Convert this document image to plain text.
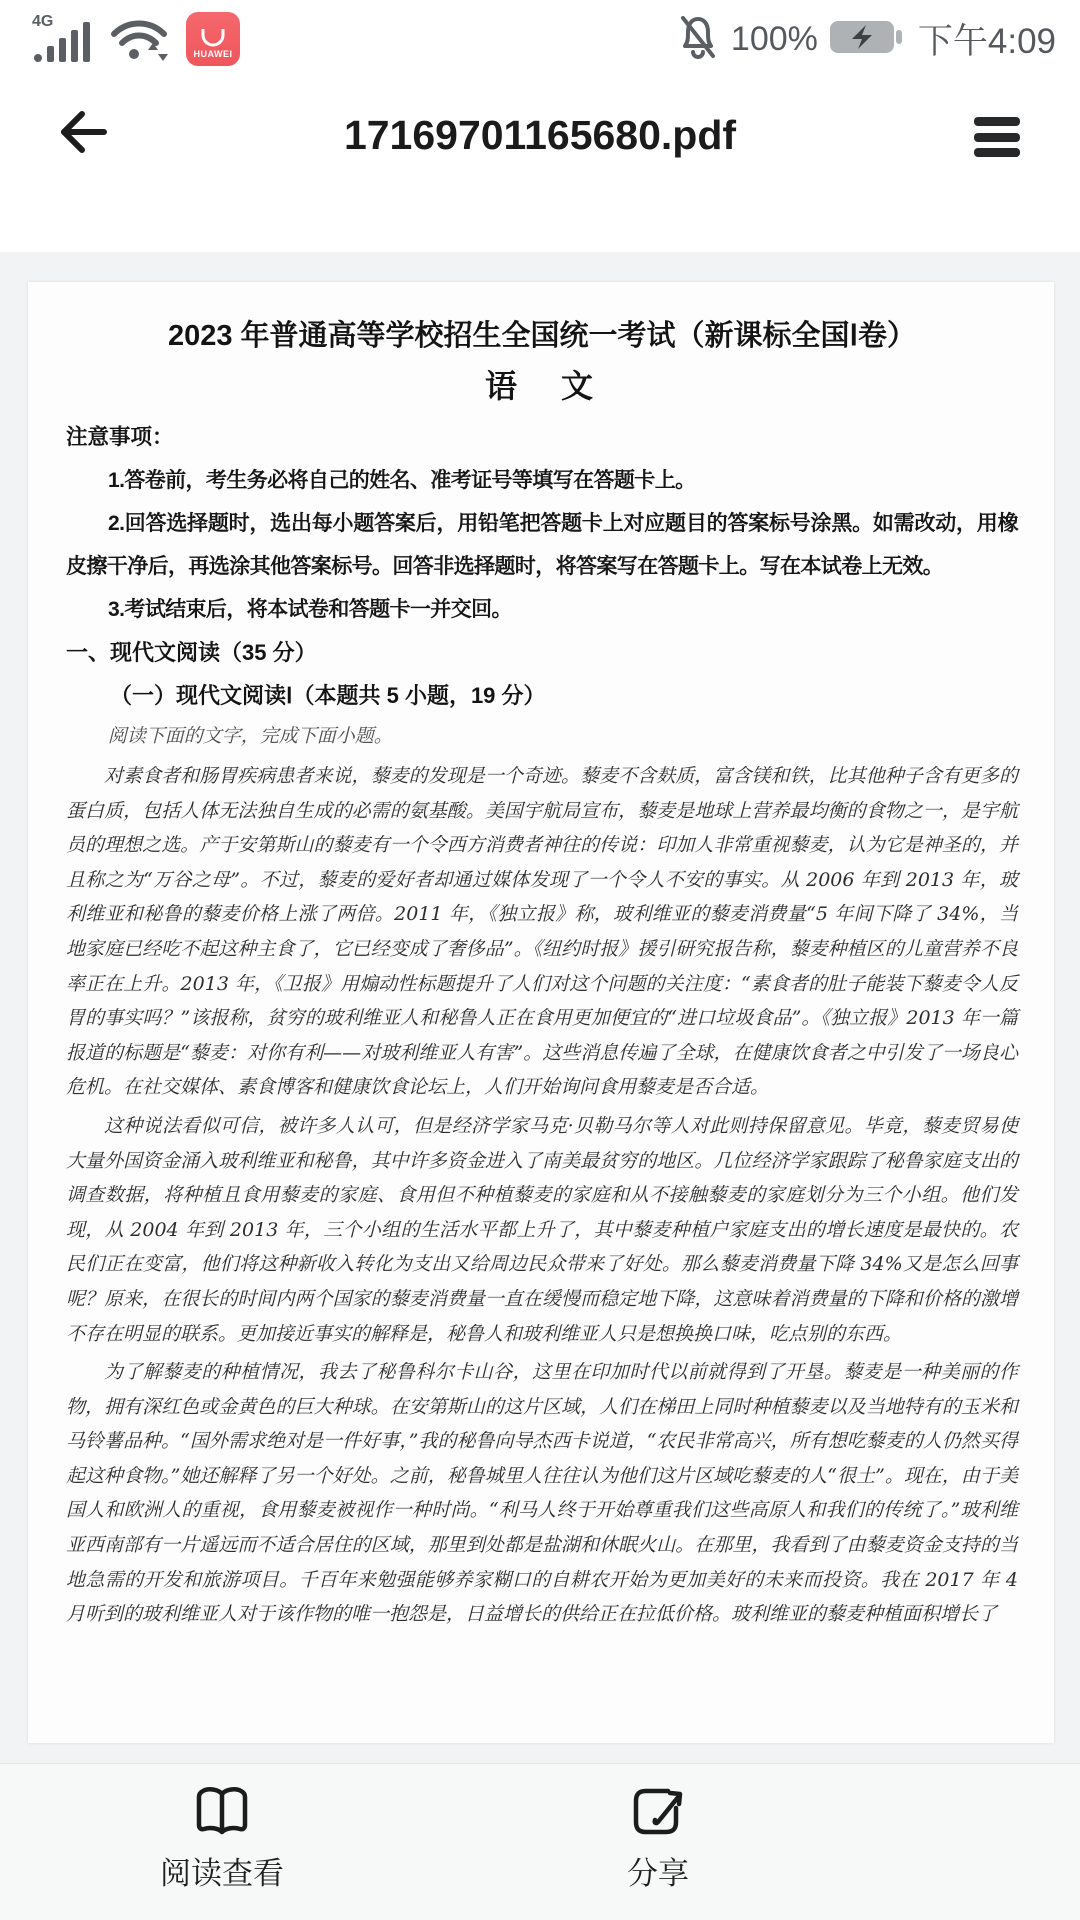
4G
HUAWEI	100%	下午4:09
17169701165680.pdf

2023 年普通高等学校招生全国统一考试（新课标全国Ⅰ卷）

语　文

注意事项：

1.答卷前，考生务必将自己的姓名、准考证号等填写在答题卡上。

2.回答选择题时，选出每小题答案后，用铅笔把答题卡上对应题目的答案标号涂黑。如需改动，用橡皮擦干净后，再选涂其他答案标号。回答非选择题时，将答案写在答题卡上。写在本试卷上无效。

3.考试结束后，将本试卷和答题卡一并交回。

一、现代文阅读（35 分）

（一）现代文阅读Ⅰ（本题共 5 小题，19 分）

阅读下面的文字，完成下面小题。

对素食者和肠胃疾病患者来说，藜麦的发现是一个奇迹。藜麦不含麸质，富含镁和铁，比其他种子含有更多的蛋白质，包括人体无法独自生成的必需的氨基酸。美国宇航局宣布，藜麦是地球上营养最均衡的食物之一，是宇航员的理想之选。产于安第斯山的藜麦有一个令西方消费者神往的传说：印加人非常重视藜麦，认为它是神圣的，并且称之为“万谷之母”。不过，藜麦的爱好者却通过媒体发现了一个令人不安的事实。从 2006 年到 2013 年，玻利维亚和秘鲁的藜麦价格上涨了两倍。2011 年，《独立报》称，玻利维亚的藜麦消费量“5 年间下降了 34%，当地家庭已经吃不起这种主食了，它已经变成了奢侈品”。《纽约时报》援引研究报告称，藜麦种植区的儿童营养不良率正在上升。2013 年，《卫报》用煽动性标题提升了人们对这个问题的关注度：“素食者的肚子能装下藜麦令人反胃的事实吗？”该报称，贫穷的玻利维亚人和秘鲁人正在食用更加便宜的“进口垃圾食品”。《独立报》2013 年一篇报道的标题是“藜麦：对你有利——对玻利维亚人有害”。这些消息传遍了全球，在健康饮食者之中引发了一场良心危机。在社交媒体、素食博客和健康饮食论坛上，人们开始询问食用藜麦是否合适。

这种说法看似可信，被许多人认可，但是经济学家马克·贝勒马尔等人对此则持保留意见。毕竟，藜麦贸易使大量外国资金涌入玻利维亚和秘鲁，其中许多资金进入了南美最贫穷的地区。几位经济学家跟踪了秘鲁家庭支出的调查数据，将种植且食用藜麦的家庭、食用但不种植藜麦的家庭和从不接触藜麦的家庭划分为三个小组。他们发现，从 2004 年到 2013 年，三个小组的生活水平都上升了，其中藜麦种植户家庭支出的增长速度是最快的。农民们正在变富，他们将这种新收入转化为支出又给周边民众带来了好处。那么藜麦消费量下降 34%又是怎么回事呢？原来，在很长的时间内两个国家的藜麦消费量一直在缓慢而稳定地下降，这意味着消费量的下降和价格的激增不存在明显的联系。更加接近事实的解释是，秘鲁人和玻利维亚人只是想换换口味，吃点别的东西。

为了解藜麦的种植情况，我去了秘鲁科尔卡山谷，这里在印加时代以前就得到了开垦。藜麦是一种美丽的作物，拥有深红色或金黄色的巨大种球。在安第斯山的这片区域，人们在梯田上同时种植藜麦以及当地特有的玉米和马铃薯品种。“国外需求绝对是一件好事，”我的秘鲁向导杰西卡说道，“农民非常高兴，所有想吃藜麦的人仍然买得起这种食物。”她还解释了另一个好处。之前，秘鲁城里人往往认为他们这片区域吃藜麦的人“很土”。现在，由于美国人和欧洲人的重视，食用藜麦被视作一种时尚。“利马人终于开始尊重我们这些高原人和我们的传统了。”玻利维亚西南部有一片遥远而不适合居住的区域，那里到处都是盐湖和休眠火山。在那里，我看到了由藜麦资金支持的当地急需的开发和旅游项目。千百年来勉强能够养家糊口的自耕农开始为更加美好的未来而投资。我在 2017 年 4 月听到的玻利维亚人对于该作物的唯一抱怨是，日益增长的供给正在拉低价格。玻利维亚的藜麦种植面积增长了

阅读查看	分享
